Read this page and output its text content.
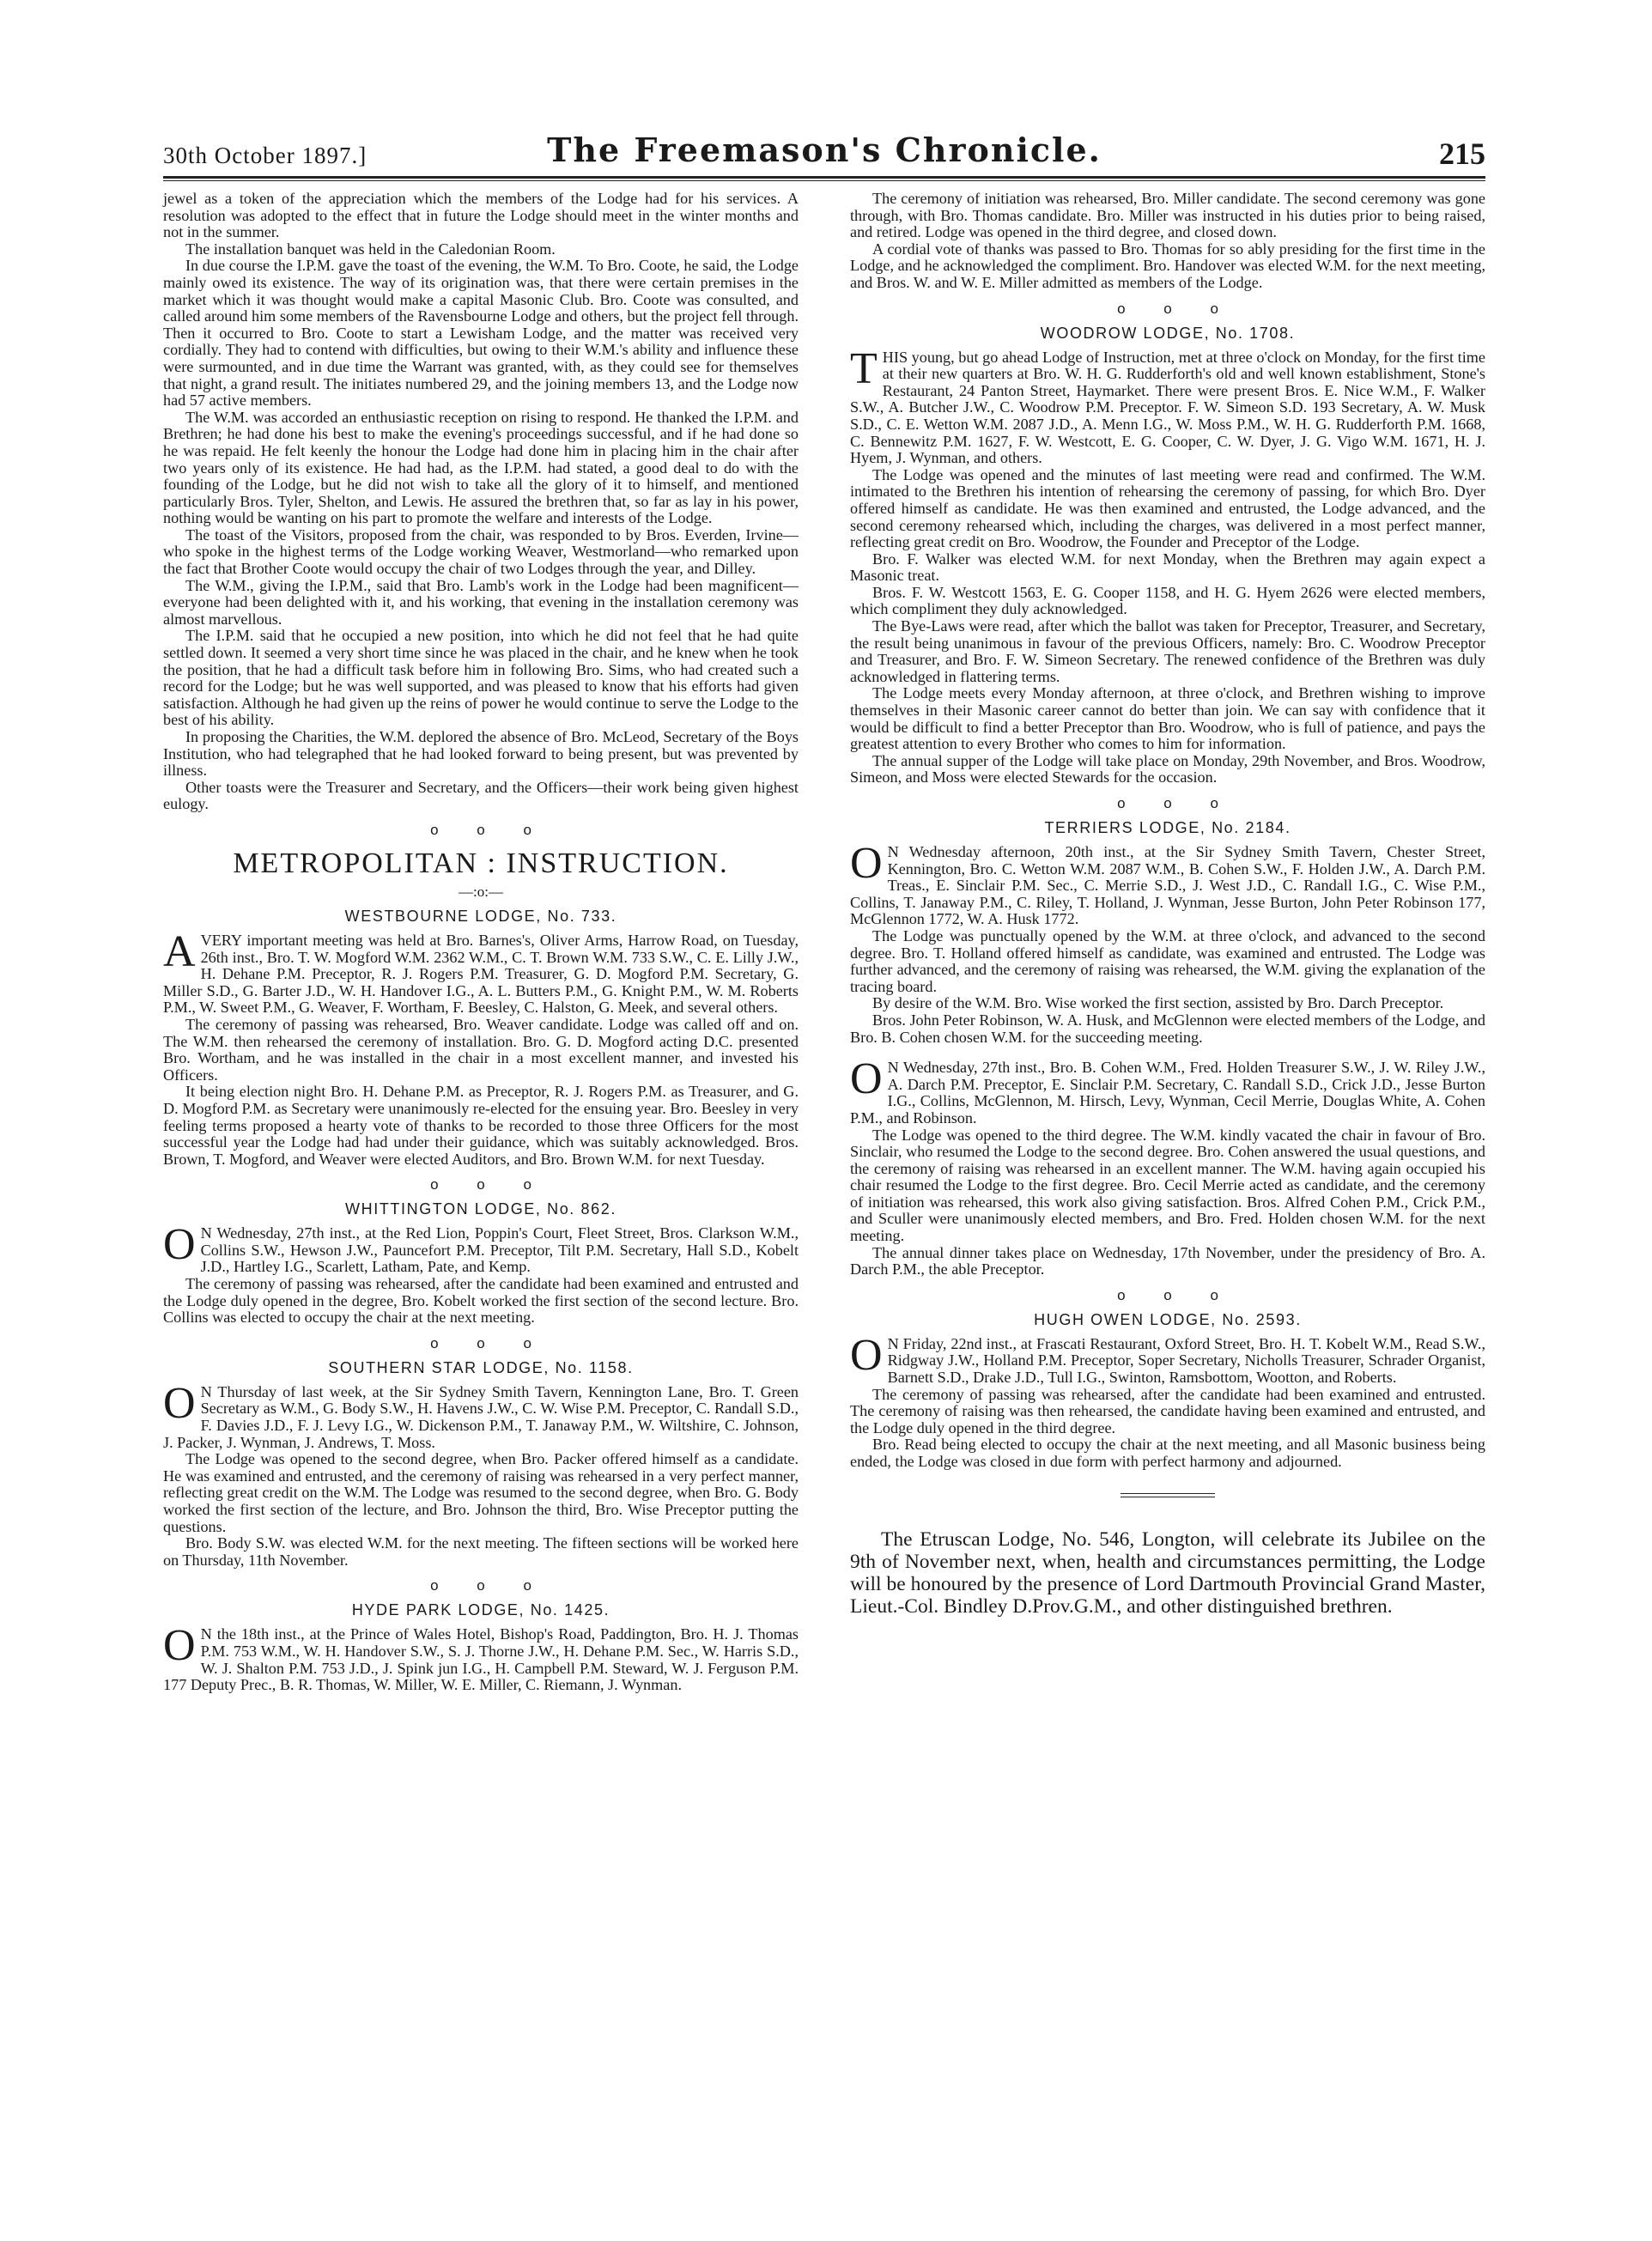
30th October 1897.]	The Freemason's Chronicle.	215

jewel as a token of the appreciation which the members of the Lodge had for his services. A resolution was adopted to the effect that in future the Lodge should meet in the winter months and not in the summer.

The installation banquet was held in the Caledonian Room.

In due course the I.P.M. gave the toast of the evening, the W.M. To Bro. Coote, he said, the Lodge mainly owed its existence. The way of its origination was, that there were certain premises in the market which it was thought would make a capital Masonic Club. Bro. Coote was consulted, and called around him some members of the Ravensbourne Lodge and others, but the project fell through. Then it occurred to Bro. Coote to start a Lewisham Lodge, and the matter was received very cordially. They had to contend with difficulties, but owing to their W.M.'s ability and influence these were surmounted, and in due time the Warrant was granted, with, as they could see for themselves that night, a grand result. The initiates numbered 29, and the joining members 13, and the Lodge now had 57 active members.

The W.M. was accorded an enthusiastic reception on rising to respond. He thanked the I.P.M. and Brethren; he had done his best to make the evening's proceedings successful, and if he had done so he was repaid. He felt keenly the honour the Lodge had done him in placing him in the chair after two years only of its existence. He had had, as the I.P.M. had stated, a good deal to do with the founding of the Lodge, but he did not wish to take all the glory of it to himself, and mentioned particularly Bros. Tyler, Shelton, and Lewis. He assured the brethren that, so far as lay in his power, nothing would be wanting on his part to promote the welfare and interests of the Lodge.

The toast of the Visitors, proposed from the chair, was responded to by Bros. Everden, Irvine—who spoke in the highest terms of the Lodge working Weaver, Westmorland—who remarked upon the fact that Brother Coote would occupy the chair of two Lodges through the year, and Dilley.

The W.M., giving the I.P.M., said that Bro. Lamb's work in the Lodge had been magnificent—everyone had been delighted with it, and his working, that evening in the installation ceremony was almost marvellous.

The I.P.M. said that he occupied a new position, into which he did not feel that he had quite settled down. It seemed a very short time since he was placed in the chair, and he knew when he took the position, that he had a difficult task before him in following Bro. Sims, who had created such a record for the Lodge; but he was well supported, and was pleased to know that his efforts had given satisfaction. Although he had given up the reins of power he would continue to serve the Lodge to the best of his ability.

In proposing the Charities, the W.M. deplored the absence of Bro. McLeod, Secretary of the Boys Institution, who had telegraphed that he had looked forward to being present, but was prevented by illness.

Other toasts were the Treasurer and Secretary, and the Officers—their work being given highest eulogy.

o o o
METROPOLITAN : INSTRUCTION.
—:o:—
WESTBOURNE LODGE, No. 733.

AVERY important meeting was held at Bro. Barnes's, Oliver Arms, Harrow Road, on Tuesday, 26th inst., Bro. T. W. Mogford W.M. 2362 W.M., C. T. Brown W.M. 733 S.W., C. E. Lilly J.W., H. Dehane P.M. Preceptor, R. J. Rogers P.M. Treasurer, G. D. Mogford P.M. Secretary, G. Miller S.D., G. Barter J.D., W. H. Handover I.G., A. L. Butters P.M., G. Knight P.M., W. M. Roberts P.M., W. Sweet P.M., G. Weaver, F. Wortham, F. Beesley, C. Halston, G. Meek, and several others.

The ceremony of passing was rehearsed, Bro. Weaver candidate. Lodge was called off and on. The W.M. then rehearsed the ceremony of installation. Bro. G. D. Mogford acting D.C. presented Bro. Wortham, and he was installed in the chair in a most excellent manner, and invested his Officers.

It being election night Bro. H. Dehane P.M. as Preceptor, R. J. Rogers P.M. as Treasurer, and G. D. Mogford P.M. as Secretary were unanimously re-elected for the ensuing year. Bro. Beesley in very feeling terms proposed a hearty vote of thanks to be recorded to those three Officers for the most successful year the Lodge had had under their guidance, which was suitably acknowledged. Bros. Brown, T. Mogford, and Weaver were elected Auditors, and Bro. Brown W.M. for next Tuesday.

o o o
WHITTINGTON LODGE, No. 862.

ON Wednesday, 27th inst., at the Red Lion, Poppin's Court, Fleet Street, Bros. Clarkson W.M., Collins S.W., Hewson J.W., Pauncefort P.M. Preceptor, Tilt P.M. Secretary, Hall S.D., Kobelt J.D., Hartley I.G., Scarlett, Latham, Pate, and Kemp.

The ceremony of passing was rehearsed, after the candidate had been examined and entrusted and the Lodge duly opened in the degree, Bro. Kobelt worked the first section of the second lecture. Bro. Collins was elected to occupy the chair at the next meeting.

o o o
SOUTHERN STAR LODGE, No. 1158.

ON Thursday of last week, at the Sir Sydney Smith Tavern, Kennington Lane, Bro. T. Green Secretary as W.M., G. Body S.W., H. Havens J.W., C. W. Wise P.M. Preceptor, C. Randall S.D., F. Davies J.D., F. J. Levy I.G., W. Dickenson P.M., T. Janaway P.M., W. Wiltshire, C. Johnson, J. Packer, J. Wynman, J. Andrews, T. Moss.

The Lodge was opened to the second degree, when Bro. Packer offered himself as a candidate. He was examined and entrusted, and the ceremony of raising was rehearsed in a very perfect manner, reflecting great credit on the W.M. The Lodge was resumed to the second degree, when Bro. G. Body worked the first section of the lecture, and Bro. Johnson the third, Bro. Wise Preceptor putting the questions.

Bro. Body S.W. was elected W.M. for the next meeting. The fifteen sections will be worked here on Thursday, 11th November.

o o o
HYDE PARK LODGE, No. 1425.

ON the 18th inst., at the Prince of Wales Hotel, Bishop's Road, Paddington, Bro. H. J. Thomas P.M. 753 W.M., W. H. Handover S.W., S. J. Thorne J.W., H. Dehane P.M. Sec., W. Harris S.D., W. J. Shalton P.M. 753 J.D., J. Spink jun I.G., H. Campbell P.M. Steward, W. J. Ferguson P.M. 177 Deputy Prec., B. R. Thomas, W. Miller, W. E. Miller, C. Riemann, J. Wynman.

The ceremony of initiation was rehearsed, Bro. Miller candidate. The second ceremony was gone through, with Bro. Thomas candidate. Bro. Miller was instructed in his duties prior to being raised, and retired. Lodge was opened in the third degree, and closed down.

A cordial vote of thanks was passed to Bro. Thomas for so ably presiding for the first time in the Lodge, and he acknowledged the compliment. Bro. Handover was elected W.M. for the next meeting, and Bros. W. and W. E. Miller admitted as members of the Lodge.

o o o
WOODROW LODGE, No. 1708.

THIS young, but go ahead Lodge of Instruction, met at three o'clock on Monday, for the first time at their new quarters at Bro. W. H. G. Rudderforth's old and well known establishment, Stone's Restaurant, 24 Panton Street, Haymarket. There were present Bros. E. Nice W.M., F. Walker S.W., A. Butcher J.W., C. Woodrow P.M. Preceptor. F. W. Simeon S.D. 193 Secretary, A. W. Musk S.D., C. E. Wetton W.M. 2087 J.D., A. Menn I.G., W. Moss P.M., W. H. G. Rudderforth P.M. 1668, C. Bennewitz P.M. 1627, F. W. Westcott, E. G. Cooper, C. W. Dyer, J. G. Vigo W.M. 1671, H. J. Hyem, J. Wynman, and others.

The Lodge was opened and the minutes of last meeting were read and confirmed. The W.M. intimated to the Brethren his intention of rehearsing the ceremony of passing, for which Bro. Dyer offered himself as candidate. He was then examined and entrusted, the Lodge advanced, and the second ceremony rehearsed which, including the charges, was delivered in a most perfect manner, reflecting great credit on Bro. Woodrow, the Founder and Preceptor of the Lodge.

Bro. F. Walker was elected W.M. for next Monday, when the Brethren may again expect a Masonic treat.

Bros. F. W. Westcott 1563, E. G. Cooper 1158, and H. G. Hyem 2626 were elected members, which compliment they duly acknowledged.

The Bye-Laws were read, after which the ballot was taken for Preceptor, Treasurer, and Secretary, the result being unanimous in favour of the previous Officers, namely: Bro. C. Woodrow Preceptor and Treasurer, and Bro. F. W. Simeon Secretary. The renewed confidence of the Brethren was duly acknowledged in flattering terms.

The Lodge meets every Monday afternoon, at three o'clock, and Brethren wishing to improve themselves in their Masonic career cannot do better than join. We can say with confidence that it would be difficult to find a better Preceptor than Bro. Woodrow, who is full of patience, and pays the greatest attention to every Brother who comes to him for information.

The annual supper of the Lodge will take place on Monday, 29th November, and Bros. Woodrow, Simeon, and Moss were elected Stewards for the occasion.

o o o
TERRIERS LODGE, No. 2184.

ON Wednesday afternoon, 20th inst., at the Sir Sydney Smith Tavern, Chester Street, Kennington, Bro. C. Wetton W.M. 2087 W.M., B. Cohen S.W., F. Holden J.W., A. Darch P.M. Treas., E. Sinclair P.M. Sec., C. Merrie S.D., J. West J.D., C. Randall I.G., C. Wise P.M., Collins, T. Janaway P.M., C. Riley, T. Holland, J. Wynman, Jesse Burton, John Peter Robinson 177, McGlennon 1772, W. A. Husk 1772.

The Lodge was punctually opened by the W.M. at three o'clock, and advanced to the second degree. Bro. T. Holland offered himself as candidate, was examined and entrusted. The Lodge was further advanced, and the ceremony of raising was rehearsed, the W.M. giving the explanation of the tracing board.

By desire of the W.M. Bro. Wise worked the first section, assisted by Bro. Darch Preceptor.

Bros. John Peter Robinson, W. A. Husk, and McGlennon were elected members of the Lodge, and Bro. B. Cohen chosen W.M. for the succeeding meeting.

ON Wednesday, 27th inst., Bro. B. Cohen W.M., Fred. Holden Treasurer S.W., J. W. Riley J.W., A. Darch P.M. Preceptor, E. Sinclair P.M. Secretary, C. Randall S.D., Crick J.D., Jesse Burton I.G., Collins, McGlennon, M. Hirsch, Levy, Wynman, Cecil Merrie, Douglas White, A. Cohen P.M., and Robinson.

The Lodge was opened to the third degree. The W.M. kindly vacated the chair in favour of Bro. Sinclair, who resumed the Lodge to the second degree. Bro. Cohen answered the usual questions, and the ceremony of raising was rehearsed in an excellent manner. The W.M. having again occupied his chair resumed the Lodge to the first degree. Bro. Cecil Merrie acted as candidate, and the ceremony of initiation was rehearsed, this work also giving satisfaction. Bros. Alfred Cohen P.M., Crick P.M., and Sculler were unanimously elected members, and Bro. Fred. Holden chosen W.M. for the next meeting.

The annual dinner takes place on Wednesday, 17th November, under the presidency of Bro. A. Darch P.M., the able Preceptor.

o o o
HUGH OWEN LODGE, No. 2593.

ON Friday, 22nd inst., at Frascati Restaurant, Oxford Street, Bro. H. T. Kobelt W.M., Read S.W., Ridgway J.W., Holland P.M. Preceptor, Soper Secretary, Nicholls Treasurer, Schrader Organist, Barnett S.D., Drake J.D., Tull I.G., Swinton, Ramsbottom, Wootton, and Roberts.

The ceremony of passing was rehearsed, after the candidate had been examined and entrusted. The ceremony of raising was then rehearsed, the candidate having been examined and entrusted, and the Lodge duly opened in the third degree.

Bro. Read being elected to occupy the chair at the next meeting, and all Masonic business being ended, the Lodge was closed in due form with perfect harmony and adjourned.

The Etruscan Lodge, No. 546, Longton, will celebrate its Jubilee on the 9th of November next, when, health and circumstances permitting, the Lodge will be honoured by the presence of Lord Dartmouth Provincial Grand Master, Lieut.-Col. Bindley D.Prov.G.M., and other distinguished brethren.
